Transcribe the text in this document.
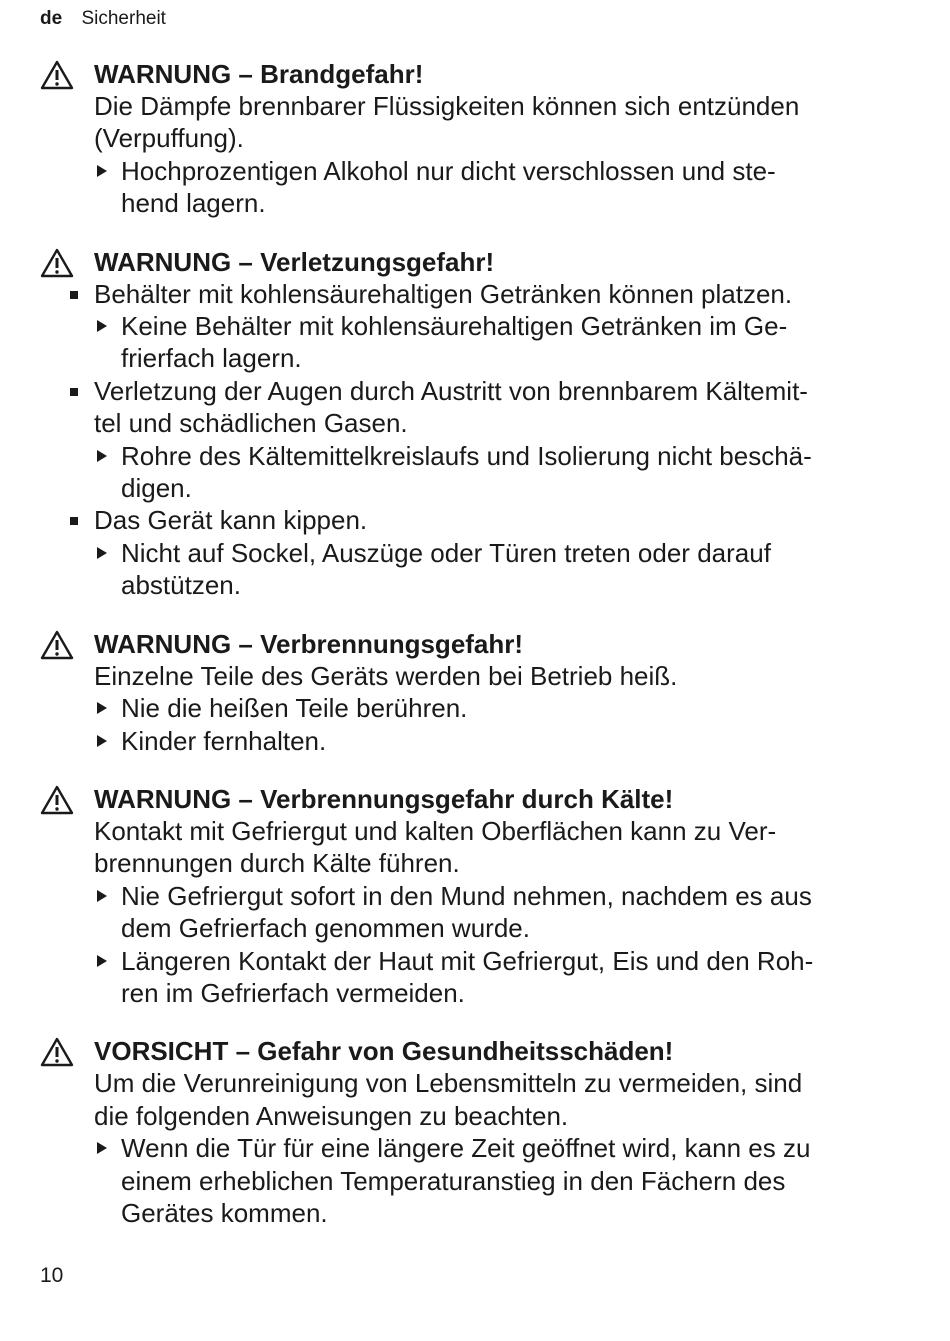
de Sicherheit
WARNUNG – Brandgefahr!
Die Dämpfe brennbarer Flüssigkeiten können sich entzünden
(Verpuffung).
Hochprozentigen Alkohol nur dicht verschlossen und ste-
hend lagern.
WARNUNG – Verletzungsgefahr!
Behälter mit kohlensäurehaltigen Getränken können platzen.
Keine Behälter mit kohlensäurehaltigen Getränken im Ge-
frierfach lagern.
Verletzung der Augen durch Austritt von brennbarem Kältemit-
tel und schädlichen Gasen.
Rohre des Kältemittelkreislaufs und Isolierung nicht beschä-
digen.
Das Gerät kann kippen.
Nicht auf Sockel, Auszüge oder Türen treten oder darauf
abstützen.
WARNUNG – Verbrennungsgefahr!
Einzelne Teile des Geräts werden bei Betrieb heiß.
Nie die heißen Teile berühren.
Kinder fernhalten.
WARNUNG – Verbrennungsgefahr durch Kälte!
Kontakt mit Gefriergut und kalten Oberflächen kann zu Ver-
brennungen durch Kälte führen.
Nie Gefriergut sofort in den Mund nehmen, nachdem es aus
dem Gefrierfach genommen wurde.
Längeren Kontakt der Haut mit Gefriergut, Eis und den Roh-
ren im Gefrierfach vermeiden.
VORSICHT – Gefahr von Gesundheitsschäden!
Um die Verunreinigung von Lebensmitteln zu vermeiden, sind
die folgenden Anweisungen zu beachten.
Wenn die Tür für eine längere Zeit geöffnet wird, kann es zu
einem erheblichen Temperaturanstieg in den Fächern des
Gerätes kommen.
10
